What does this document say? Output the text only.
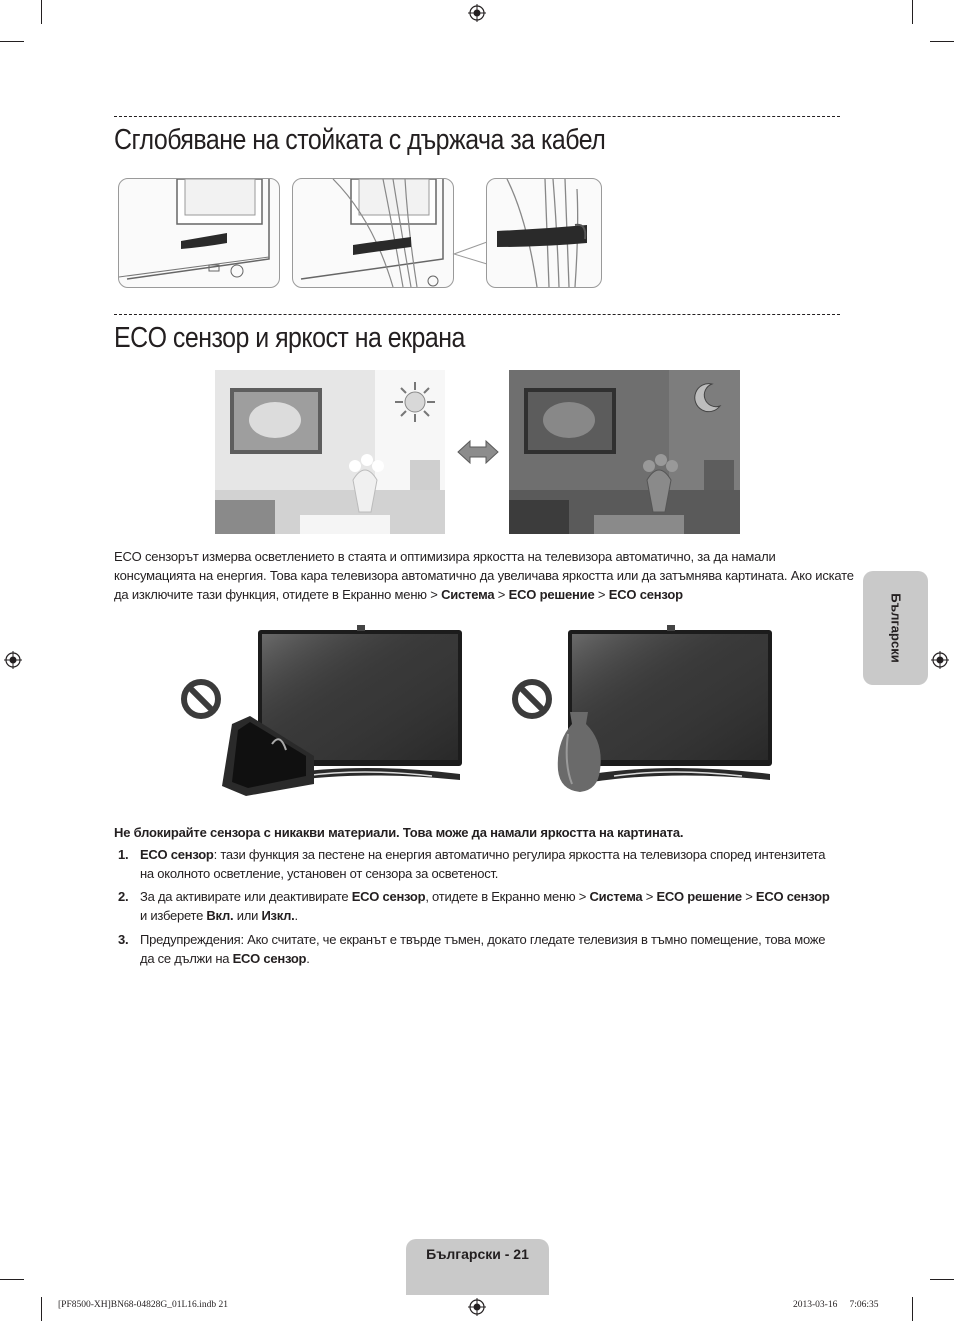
Сглобяване на стойката с държача за кабел
ECO сензор и яркост на екрана
ECO сензорът измерва осветлението в стаята и оптимизира яркостта на телевизора автоматично, за да намали консумацията на енергия. Това кара телевизора автоматично да увеличава яркостта или да затъмнява картината. Ако искате да изключите тази функция, отидете в Екранно меню > Система > ECO решение > ECO сензор
Не блокирайте сензора с никакви материали. Това може да намали яркостта на картината.
1. ECO сензор: тази функция за пестене на енергия автоматично регулира яркостта на телевизора според интензитета на околното осветление, установен от сензора за осветеност.
2. За да активирате или деактивирате ECO сензор, отидете в Екранно меню > Система > ECO решение > ECO сензор и изберете Вкл. или Изкл..
3. Предупреждения: Ако считате, че екранът е твърде тъмен, докато гледате телевизия в тъмно помещение, това може да се дължи на ECO сензор.
Български
Български - 21
[PF8500-XH]BN68-04828G_01L16.indb 21	2013-03-16   7:06:35
